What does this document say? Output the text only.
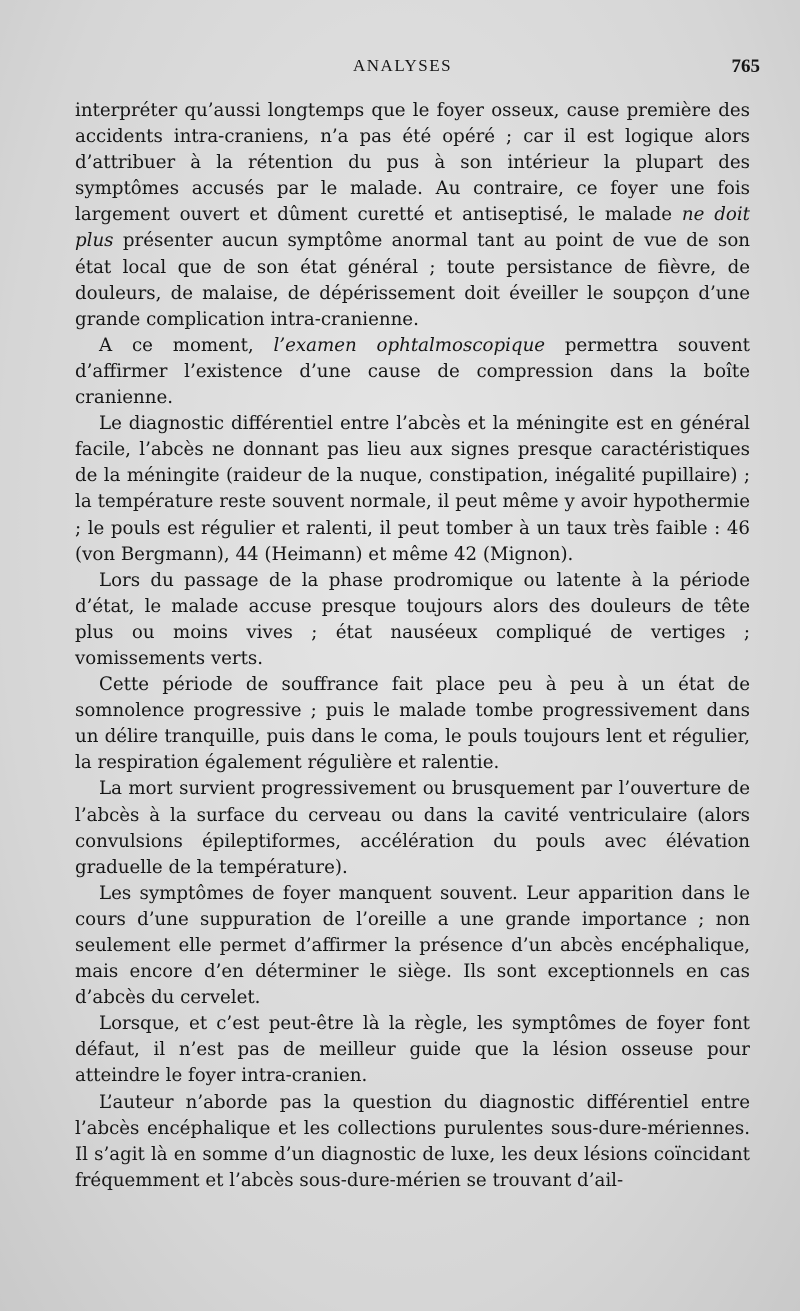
ANALYSES	765

interpréter qu’aussi longtemps que le foyer osseux, cause première des accidents intra-craniens, n’a pas été opéré ; car il est logique alors d’attribuer à la rétention du pus à son intérieur la plupart des symptômes accusés par le malade. Au contraire, ce foyer une fois largement ouvert et dûment curetté et antiseptisé, le malade ne doit plus présenter aucun symptôme anormal tant au point de vue de son état local que de son état général ; toute persistance de fièvre, de douleurs, de malaise, de dépérissement doit éveiller le soupçon d’une grande complication intra-cranienne.

A ce moment, l’examen ophtalmoscopique permettra souvent d’affirmer l’existence d’une cause de compression dans la boîte cranienne.

Le diagnostic différentiel entre l’abcès et la méningite est en général facile, l’abcès ne donnant pas lieu aux signes presque caractéristiques de la méningite (raideur de la nuque, constipation, inégalité pupillaire) ; la température reste souvent normale, il peut même y avoir hypothermie ; le pouls est régulier et ralenti, il peut tomber à un taux très faible : 46 (von Bergmann), 44 (Heimann) et même 42 (Mignon).

Lors du passage de la phase prodromique ou latente à la période d’état, le malade accuse presque toujours alors des douleurs de tête plus ou moins vives ; état nauséeux compliqué de vertiges ; vomissements verts.

Cette période de souffrance fait place peu à peu à un état de somnolence progressive ; puis le malade tombe progressivement dans un délire tranquille, puis dans le coma, le pouls toujours lent et régulier, la respiration également régulière et ralentie.

La mort survient progressivement ou brusquement par l’ouverture de l’abcès à la surface du cerveau ou dans la cavité ventriculaire (alors convulsions épileptiformes, accélération du pouls avec élévation graduelle de la température).

Les symptômes de foyer manquent souvent. Leur apparition dans le cours d’une suppuration de l’oreille a une grande importance ; non seulement elle permet d’affirmer la présence d’un abcès encéphalique, mais encore d’en déterminer le siège. Ils sont exceptionnels en cas d’abcès du cervelet.

Lorsque, et c’est peut-être là la règle, les symptômes de foyer font défaut, il n’est pas de meilleur guide que la lésion osseuse pour atteindre le foyer intra-cranien.

L’auteur n’aborde pas la question du diagnostic différentiel entre l’abcès encéphalique et les collections purulentes sous-dure-mériennes. Il s’agit là en somme d’un diagnostic de luxe, les deux lésions coïncidant fréquemment et l’abcès sous-dure-mérien se trouvant d’ail-
